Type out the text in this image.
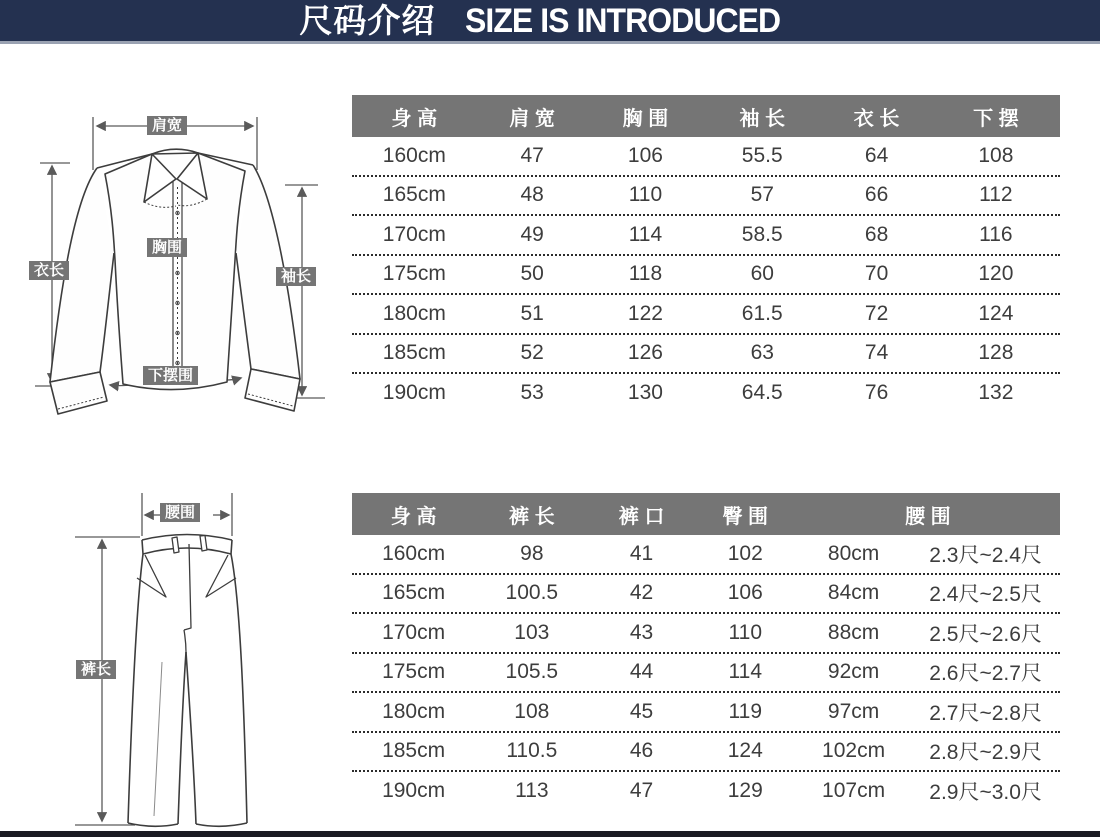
尺码介绍 SIZE IS INTRODUCED
肩宽
胸围
衣长	袖长
下摆围
腰围
裤长
身 高	肩 宽	胸 围	袖 长	衣 长	下 摆
160cm	47	106	55.5	64	108
165cm	48	110	57	66	112
170cm	49	114	58.5	68	116
175cm	50	118	60	70	120
180cm	51	122	61.5	72	124
185cm	52	126	63	74	128
190cm	53	130	64.5	76	132
身 高	裤 长	裤 口	臀 围	腰 围
160cm	98	41	102	80cm	2.3尺~2.4尺
165cm	100.5	42	106	84cm	2.4尺~2.5尺
170cm	103	43	110	88cm	2.5尺~2.6尺
175cm	105.5	44	114	92cm	2.6尺~2.7尺
180cm	108	45	119	97cm	2.7尺~2.8尺
185cm	110.5	46	124	102cm	2.8尺~2.9尺
190cm	113	47	129	107cm	2.9尺~3.0尺
